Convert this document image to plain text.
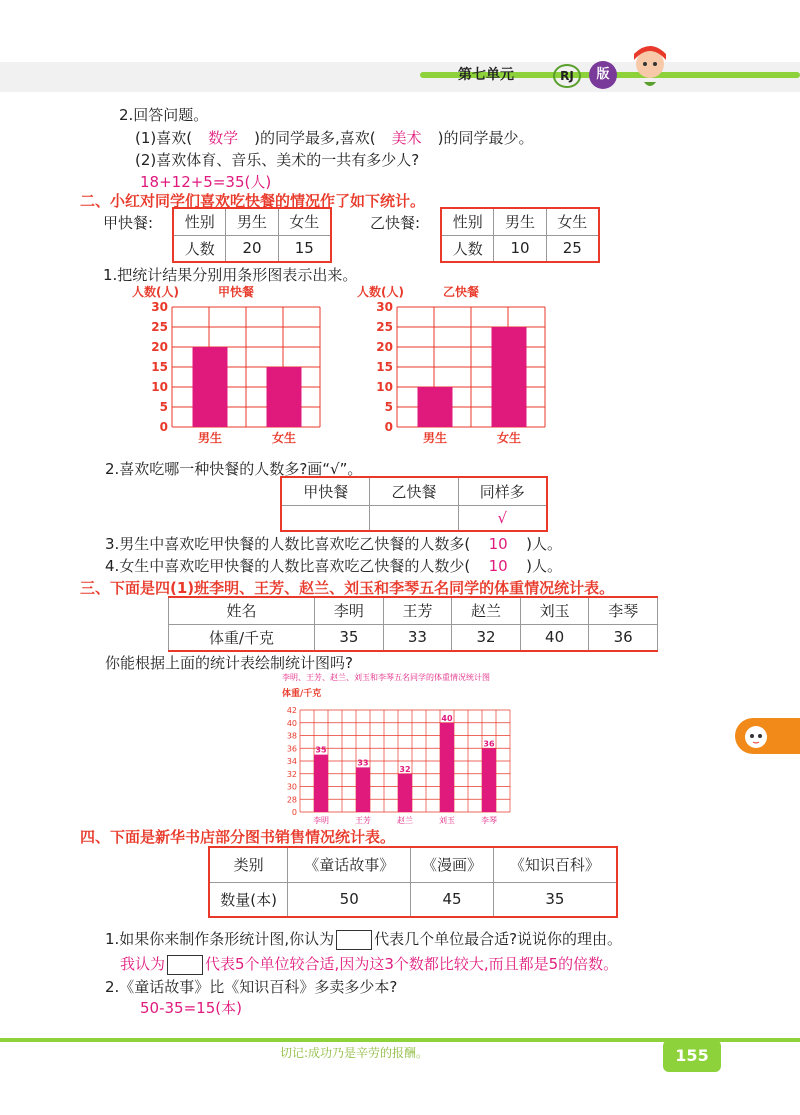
第七单元	RJ	版
2.回答问题。
(1)喜欢( 数学 )的同学最多,喜欢( 美术 )的同学最少。
(2)喜欢体育、音乐、美术的一共有多少人?
18+12+5=35(人)
二、小红对同学们喜欢吃快餐的情况作了如下统计。
甲快餐: 性别	男生	女生
人数	20	15
乙快餐: 性别	男生	女生
人数	10	25
1.把统计结果分别用条形图表示出来。
人数(人)	甲快餐
0
5
10
15
20
25
30
男生	女生
人数(人)	乙快餐
0
5
10
15
20
25
30
男生	女生
2.喜欢吃哪一种快餐的人数多?画“√”。
甲快餐	乙快餐	同样多
		√
3.男生中喜欢吃甲快餐的人数比喜欢吃乙快餐的人数多( 10 )人。
4.女生中喜欢吃甲快餐的人数比喜欢吃乙快餐的人数少( 10 )人。
三、下面是四(1)班李明、王芳、赵兰、刘玉和李琴五名同学的体重情况统计表。
姓名	李明	王芳	赵兰	刘玉	李琴
体重/千克	35	33	32	40	36
你能根据上面的统计表绘制统计图吗?
李明、王芳、赵兰、刘玉和李琴五名同学的体重情况统计图
体重/千克
0
28
30
32
34
36
38
40
42
35
李明
33
王芳
32
赵兰
40
刘玉
36
李琴
四、下面是新华书店部分图书销售情况统计表。
类别	《童话故事》	《漫画》	《知识百科》
数量(本)	50	45	35
1.如果你来制作条形统计图,你认为	代表几个单位最合适?说说你的理由。
我认为	代表5个单位较合适,因为这3个数都比较大,而且都是5的倍数。
2.《童话故事》比《知识百科》多卖多少本?
50-35=15(本)
切记:成功乃是辛劳的报酬。	155
